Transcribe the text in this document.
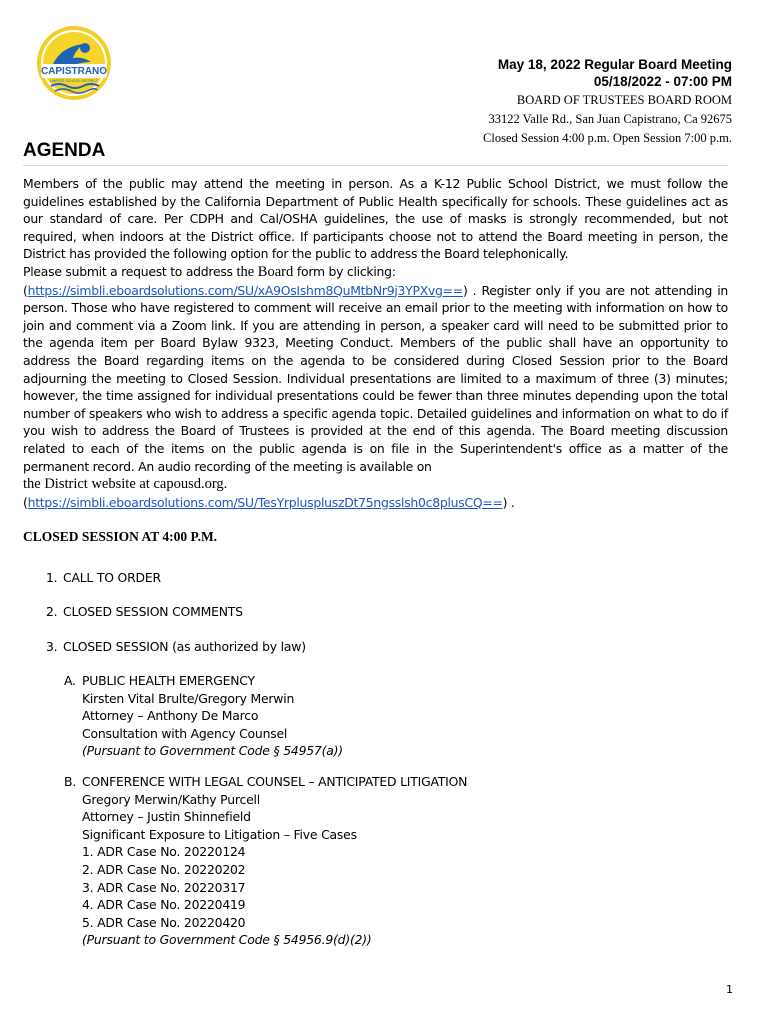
CAPISTRANO
UNIFIED SCHOOL DISTRICT
May 18, 2022 Regular Board Meeting
05/18/2022 - 07:00 PM
BOARD OF TRUSTEES BOARD ROOM
33122 Valle Rd., San Juan Capistrano, Ca 92675
Closed Session 4:00 p.m. Open Session 7:00 p.m.
AGENDA

Members of the public may attend the meeting in person. As a K-12 Public School District, we must follow the guidelines established by the California Department of Public Health specifically for schools. These guidelines act as our standard of care. Per CDPH and Cal/OSHA guidelines, the use of masks is strongly recommended, but not required, when indoors at the District office. If participants choose not to attend the Board meeting in person, the District has provided the following option for the public to address the Board telephonically.
Please submit a request to address the Board form by clicking:
(https://simbli.eboardsolutions.com/SU/xA9OsIshm8QuMtbNr9j3YPXvg==) . Register only if you are not attending in person. Those who have registered to comment will receive an email prior to the meeting with information on how to join and comment via a Zoom link. If you are attending in person, a speaker card will need to be submitted prior to the agenda item per Board Bylaw 9323, Meeting Conduct. Members of the public shall have an opportunity to address the Board regarding items on the agenda to be considered during Closed Session prior to the Board adjourning the meeting to Closed Session. Individual presentations are limited to a maximum of three (3) minutes; however, the time assigned for individual presentations could be fewer than three minutes depending upon the total number of speakers who wish to address a specific agenda topic. Detailed guidelines and information on what to do if you wish to address the Board of Trustees is provided at the end of this agenda. The Board meeting discussion related to each of the items on the public agenda is on file in the Superintendent's office as a matter of the permanent record. An audio recording of the meeting is available on
the District website at capousd.org.
(https://simbli.eboardsolutions.com/SU/TesYrpluspluszDt75ngsslsh0c8plusCQ==) .

CLOSED SESSION AT 4:00 P.M.
1. CALL TO ORDER
2. CLOSED SESSION COMMENTS
3. CLOSED SESSION (as authorized by law)
A. PUBLIC HEALTH EMERGENCY
Kirsten Vital Brulte/Gregory Merwin
Attorney – Anthony De Marco
Consultation with Agency Counsel
(Pursuant to Government Code § 54957(a))
B. CONFERENCE WITH LEGAL COUNSEL – ANTICIPATED LITIGATION
Gregory Merwin/Kathy Purcell
Attorney – Justin Shinnefield
Significant Exposure to Litigation – Five Cases
1. ADR Case No. 20220124
2. ADR Case No. 20220202
3. ADR Case No. 20220317
4. ADR Case No. 20220419
5. ADR Case No. 20220420
(Pursuant to Government Code § 54956.9(d)(2))
1
